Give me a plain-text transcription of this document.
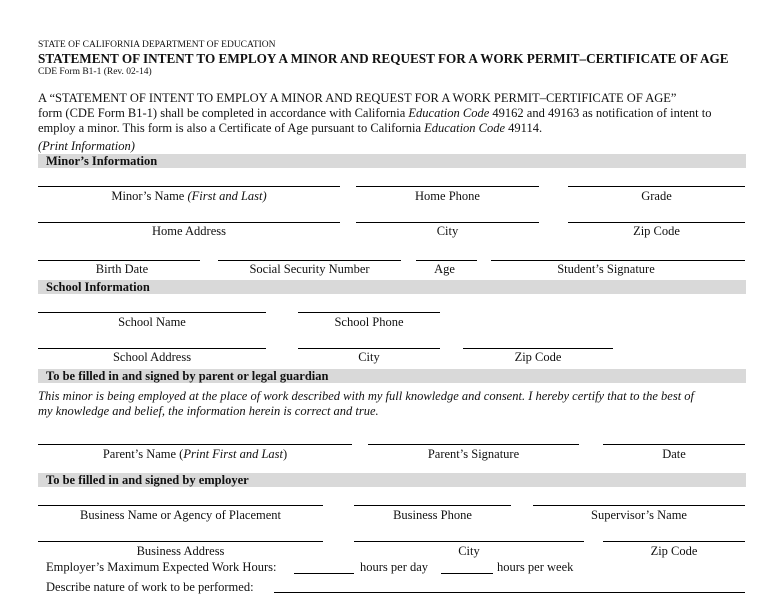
STATE OF CALIFORNIA DEPARTMENT OF EDUCATION
STATEMENT OF INTENT TO EMPLOY A MINOR AND REQUEST FOR A WORK PERMIT–CERTIFICATE OF AGE
CDE Form B1-1 (Rev. 02-14)
A “STATEMENT OF INTENT TO EMPLOY A MINOR AND REQUEST FOR A WORK PERMIT–CERTIFICATE OF AGE”
form (CDE Form B1-1) shall be completed in accordance with California Education Code 49162 and 49163 as notification of intent to
employ a minor. This form is also a Certificate of Age pursuant to California Education Code 49114.
(Print Information)
Minor’s Information
Minor’s Name (First and Last)	Home Phone	Grade
Home Address	City	Zip Code
Birth Date	Social Security Number	Age	Student’s Signature
School Information
School Name	School Phone
School Address	City	Zip Code
To be filled in and signed by parent or legal guardian
This minor is being employed at the place of work described with my full knowledge and consent. I hereby certify that to the best of
my knowledge and belief, the information herein is correct and true.
Parent’s Name (Print First and Last)	Parent’s Signature	Date
To be filled in and signed by employer
Business Name or Agency of Placement	Business Phone	Supervisor’s Name
Business Address	City	Zip Code
Employer’s Maximum Expected Work Hours:	hours per day	hours per week
Describe nature of work to be performed:
